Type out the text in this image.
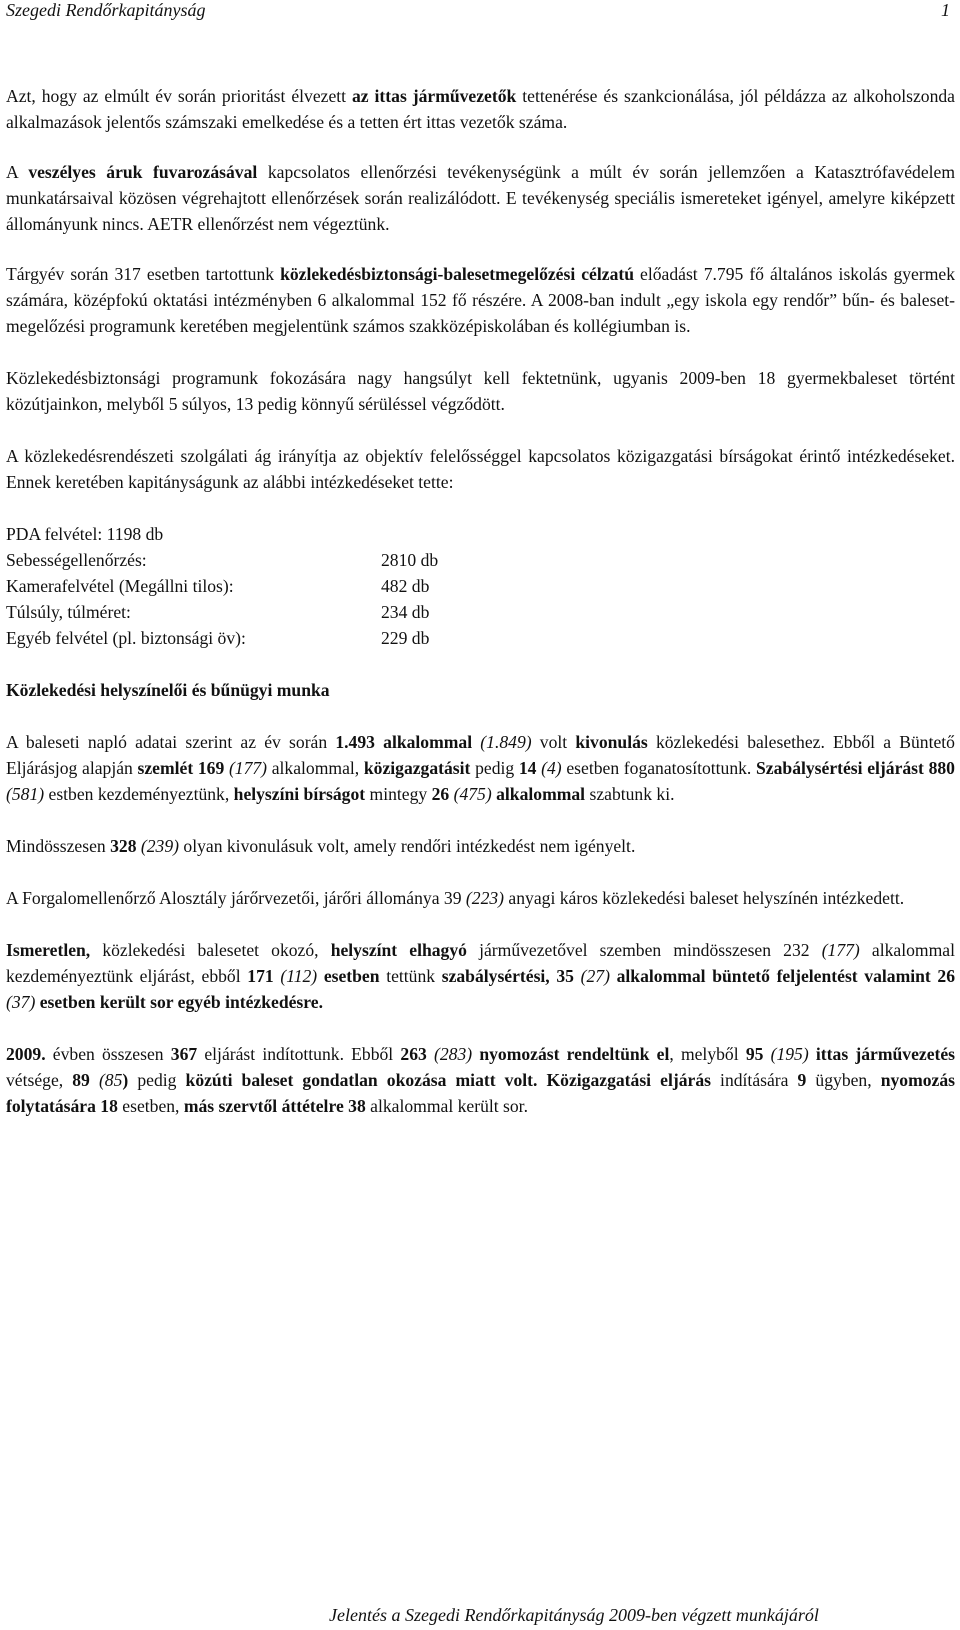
Szegedi Rendőrkapitányság	1

Azt, hogy az elmúlt év során prioritást élvezett az ittas járművezetők tettenérése és szankcionálása, jól példázza az alkoholszonda alkalmazások jelentős számszaki emelkedése és a tetten ért ittas vezetők száma.

A veszélyes áruk fuvarozásával kapcsolatos ellenőrzési tevékenységünk a múlt év során jellemzően a Katasztrófavédelem munkatársaival közösen végrehajtott ellenőrzések során realizálódott. E tevékenység speciális ismereteket igényel, amelyre kiképzett állományunk nincs. AETR ellenőrzést nem végeztünk.

Tárgyév során 317 esetben tartottunk közlekedésbiztonsági-balesetmegelőzési célzatú előadást 7.795 fő általános iskolás gyermek számára, középfokú oktatási intézményben 6 alkalommal 152 fő részére. A 2008-ban indult „egy iskola egy rendőr” bűn- és baleset-megelőzési programunk keretében megjelentünk számos szakközépiskolában és kollégiumban is.

Közlekedésbiztonsági programunk fokozására nagy hangsúlyt kell fektetnünk, ugyanis 2009-ben 18 gyermekbaleset történt közútjainkon, melyből 5 súlyos, 13 pedig könnyű sérüléssel végződött.

A közlekedésrendészeti szolgálati ág irányítja az objektív felelősséggel kapcsolatos közigazgatási bírságokat érintő intézkedéseket. Ennek keretében kapitányságunk az alábbi intézkedéseket tette:

PDA felvétel: 1198 db
Sebességellenőrzés:	2810 db
Kamerafelvétel (Megállni tilos):	482 db
Túlsúly, túlméret:	234 db
Egyéb felvétel (pl. biztonsági öv):	229 db
Közlekedési helyszínelői és bűnügyi munka

A baleseti napló adatai szerint az év során 1.493 alkalommal (1.849) volt kivonulás közlekedési balesethez. Ebből a Büntető Eljárásjog alapján szemlét 169 (177) alkalommal, közigazgatásit pedig 14 (4) esetben foganatosítottunk. Szabálysértési eljárást 880 (581) estben kezdeményeztünk, helyszíni bírságot mintegy 26 (475) alkalommal szabtunk ki.

Mindösszesen 328 (239) olyan kivonulásuk volt, amely rendőri intézkedést nem igényelt.

A Forgalomellenőrző Alosztály járőrvezetői, járőri állománya 39 (223) anyagi káros közlekedési baleset helyszínén intézkedett.

Ismeretlen, közlekedési balesetet okozó, helyszínt elhagyó járművezetővel szemben mindösszesen 232 (177) alkalommal kezdeményeztünk eljárást, ebből 171 (112) esetben tettünk szabálysértési, 35 (27) alkalommal büntető feljelentést valamint 26 (37) esetben került sor egyéb intézkedésre.

2009. évben összesen 367 eljárást indítottunk. Ebből 263 (283) nyomozást rendeltünk el, melyből 95 (195) ittas járművezetés vétsége, 89 (85) pedig közúti baleset gondatlan okozása miatt volt. Közigazgatási eljárás indítására 9 ügyben, nyomozás folytatására 18 esetben, más szervtől áttételre 38 alkalommal került sor.

Jelentés a Szegedi Rendőrkapitányság 2009-ben végzett munkájáról
